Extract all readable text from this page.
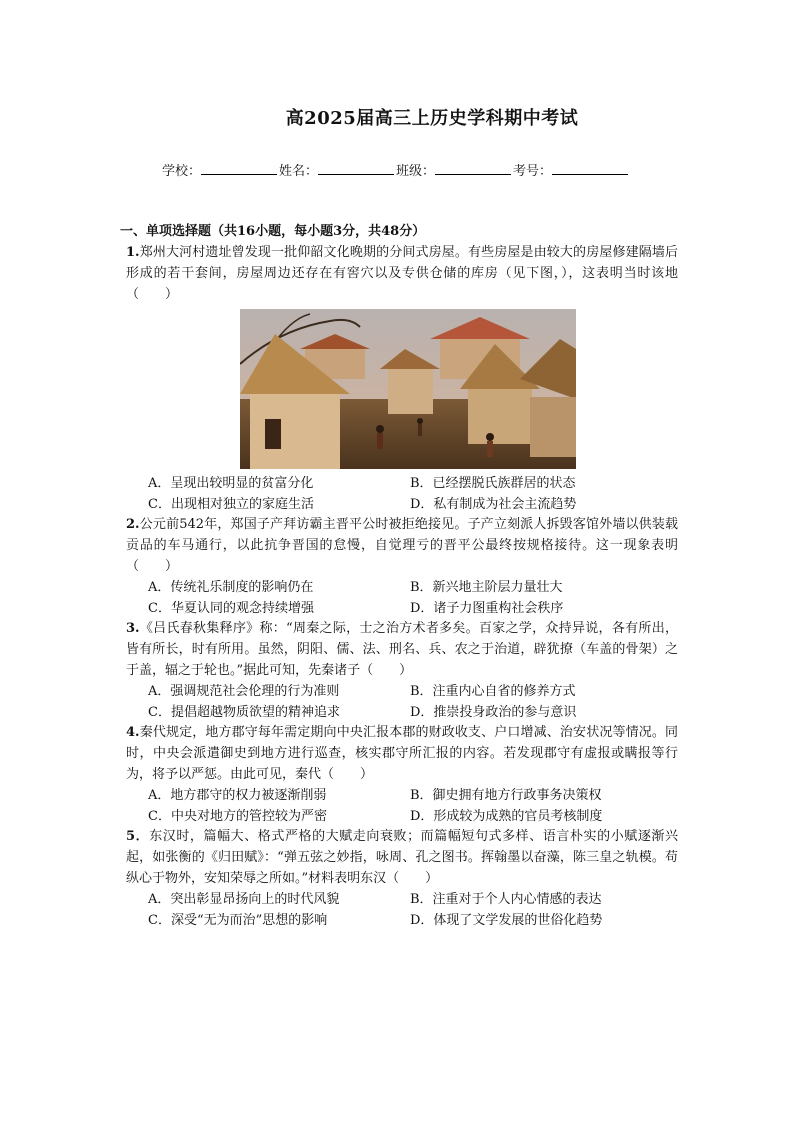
高2025届高三上历史学科期中考试
学校：	姓名：	班级：	考号：
一、单项选择题（共16小题，每小题3分，共48分）
1.郑州大河村遗址曾发现一批仰韶文化晚期的分间式房屋。有些房屋是由较大的房屋修建隔墙后形成的若干套间，房屋周边还存在有窖穴以及专供仓储的库房（见下图，），这表明当时该地（　　）
A．呈现出较明显的贫富分化	B．已经摆脱氏族群居的状态
C．出现相对独立的家庭生活	D．私有制成为社会主流趋势
2.公元前542年，郑国子产拜访霸主晋平公时被拒绝接见。子产立刻派人拆毁客馆外墙以供装载贡品的车马通行，以此抗争晋国的怠慢，自觉理亏的晋平公最终按规格接待。这一现象表明（　　）
A．传统礼乐制度的影响仍在	B．新兴地主阶层力量壮大
C．华夏认同的观念持续增强	D．诸子力图重构社会秩序
3.《吕氏春秋集释序》称：“周秦之际，士之治方术者多矣。百家之学，众持异说，各有所出，皆有所长，时有所用。虽然，阴阳、儒、法、刑名、兵、农之于治道，辟犹撩（车盖的骨架）之于盖，辐之于轮也。”据此可知，先秦诸子（　　）
A．强调规范社会伦理的行为准则	B．注重内心自省的修养方式
C．提倡超越物质欲望的精神追求	D．推崇投身政治的参与意识
4.秦代规定，地方郡守每年需定期向中央汇报本郡的财政收支、户口增减、治安状况等情况。同时，中央会派遣御史到地方进行巡查，核实郡守所汇报的内容。若发现郡守有虚报或瞒报等行为，将予以严惩。由此可见，秦代（　　）
A．地方郡守的权力被逐渐削弱	B．御史拥有地方行政事务决策权
C．中央对地方的管控较为严密	D．形成较为成熟的官员考核制度
5．东汉时，篇幅大、格式严格的大赋走向衰败；而篇幅短句式多样、语言朴实的小赋逐渐兴起，如张衡的《归田赋》：“弹五弦之妙指，咏周、孔之图书。挥翰墨以奋藻，陈三皇之轨模。苟纵心于物外，安知荣辱之所如。”材料表明东汉（　　）
A．突出彰显昂扬向上的时代风貌	B．注重对于个人内心情感的表达
C．深受“无为而治”思想的影响	D．体现了文学发展的世俗化趋势
